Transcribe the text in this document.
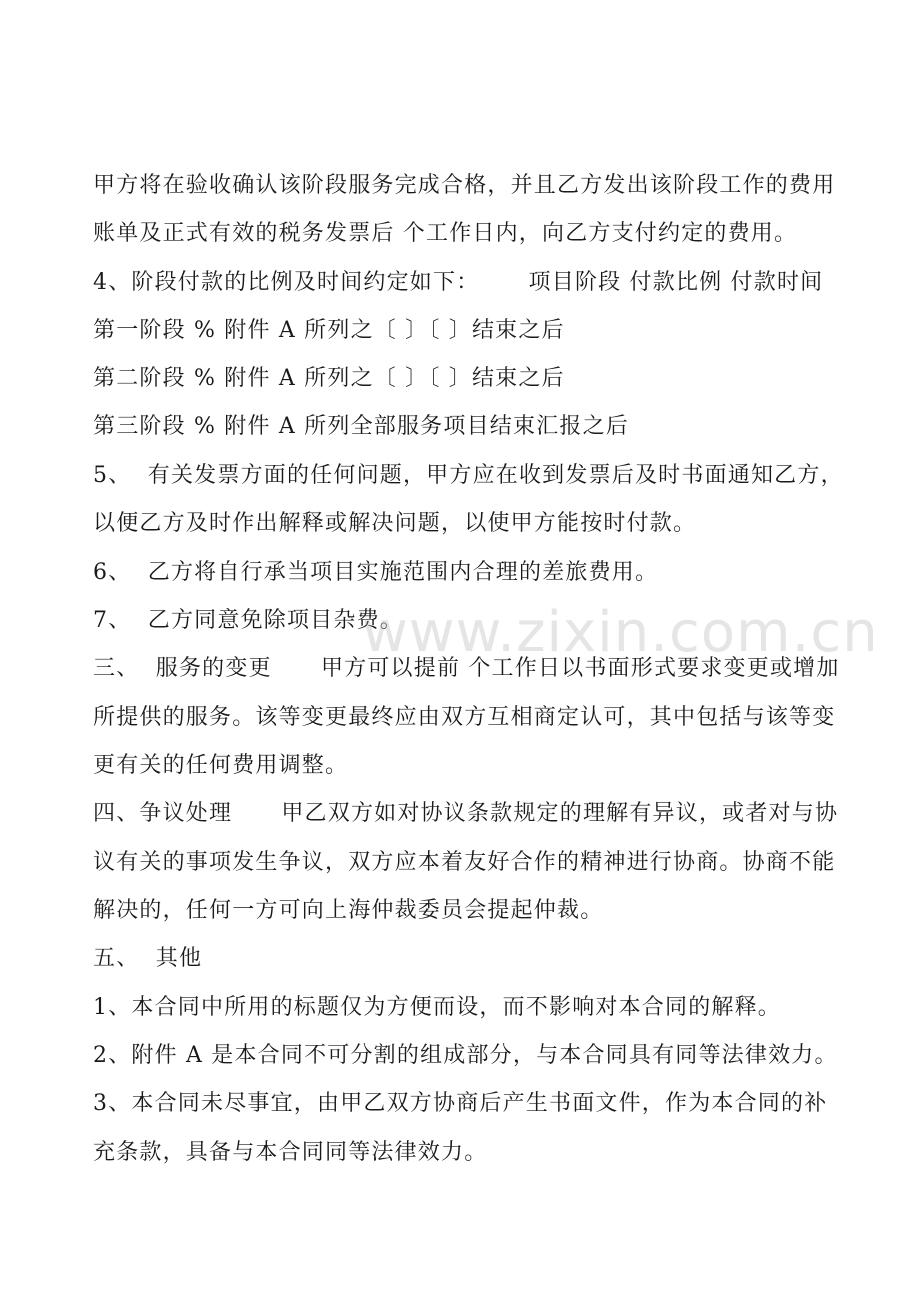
甲方将在验收确认该阶段服务完成合格，并且乙方发出该阶段工作的费用
账单及正式有效的税务发票后 个工作日内，向乙方支付约定的费用。
4、阶段付款的比例及时间约定如下：      项目阶段 付款比例 付款时间
第一阶段 % 附件 A 所列之〔 〕〔 〕结束之后
第二阶段 % 附件 A 所列之〔 〕〔 〕结束之后
第三阶段 % 附件 A 所列全部服务项目结束汇报之后
5、  有关发票方面的任何问题，甲方应在收到发票后及时书面通知乙方，
以便乙方及时作出解释或解决问题，以使甲方能按时付款。
6、  乙方将自行承当项目实施范围内合理的差旅费用。
7、  乙方同意免除项目杂费。
三、  服务的变更      甲方可以提前 个工作日以书面形式要求变更或增加
所提供的服务。该等变更最终应由双方互相商定认可，其中包括与该等变
更有关的任何费用调整。
四、争议处理      甲乙双方如对协议条款规定的理解有异议，或者对与协
议有关的事项发生争议，双方应本着友好合作的精神进行协商。协商不能
解决的，任何一方可向上海仲裁委员会提起仲裁。
五、  其他
1、本合同中所用的标题仅为方便而设，而不影响对本合同的解释。
2、附件 A 是本合同不可分割的组成部分，与本合同具有同等法律效力。
3、本合同未尽事宜，由甲乙双方协商后产生书面文件，作为本合同的补
充条款，具备与本合同同等法律效力。
www.zixin.com.cn
